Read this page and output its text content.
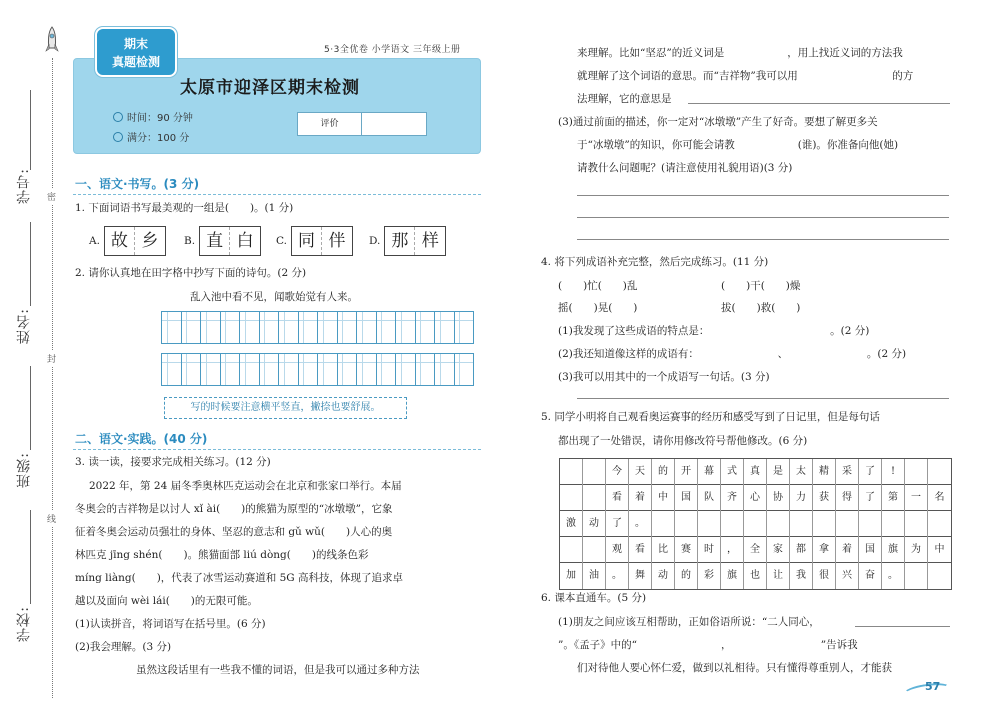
密
封
线
学号:
姓名:
班级:
学校:
期末
真题检测
5·3全优卷 小学语文 三年级上册
太原市迎泽区期末检测
时间：90 分钟
满分：100 分
评价
一、语文·书写。(3 分)
1. 下面词语书写最美观的一组是(　　)。(1 分)
A. 故 乡	B. 直 白	C. 同 伴	D. 那 样
2. 请你认真地在田字格中抄写下面的诗句。(2 分)
乱入池中看不见，闻歌始觉有人来。
写的时候要注意横平竖直，撇捺也要舒展。
二、语文·实践。(40 分)
3. 读一读，接要求完成相关练习。(12 分)
2022 年，第 24 届冬季奥林匹克运动会在北京和张家口举行。本届
冬奥会的吉祥物是以讨人 xǐ ài(　　)的熊猫为原型的“冰墩墩”，它象
征着冬奥会运动员强壮的身体、坚忍的意志和 gǔ wǔ(　　)人心的奥
林匹克 jīng shén(　　)。熊猫面部 liú dòng(　　)的线条色彩
míng liàng(　　)，代表了冰雪运动赛道和 5G 高科技，体现了追求卓
越以及面向 wèi lái(　　)的无限可能。
(1)认读拼音，将词语写在括号里。(6 分)
(2)我会理解。(3 分)
虽然这段话里有一些我不懂的词语，但是我可以通过多种方法
来理解。比如“坚忍”的近义词是　　　　　　，用上找近义词的方法我
就理解了这个词语的意思。而“吉祥物”我可以用　　　　　　　　　的方
法理解，它的意思是
(3)通过前面的描述，你一定对“冰墩墩”产生了好奇。要想了解更多关
于“冰墩墩”的知识，你可能会请教　　　　　　(谁)。你准备向他(她)
请教什么问题呢？(请注意使用礼貌用语)(3 分)
4. 将下列成语补充完整，然后完成练习。(11 分)
(　　)忙(　　)乱	(　　)干(　　)燥
摇(　　)晃(　　)	拔(　　)救(　　)
(1)我发现了这些成语的特点是：　　　　　　　　　　　　。(2 分)
(2)我还知道像这样的成语有：　　　　　　　　、　　　　　　　　。(2 分)
(3)我可以用其中的一个成语写一句话。(3 分)
5. 同学小明将自己观看奥运赛事的经历和感受写到了日记里，但是每句话
都出现了一处错误，请你用修改符号帮他修改。(6 分)
今	天	的	开	幕	式	真	是	太	精	采	了	!
看	着	中	国	队	齐	心	协	力	获	得	了	第	一	名
激	动	了	。
观	看	比	赛	时	，	全	家	都	拿	着	国	旗	为	中
加	油	。	舞	动	的	彩	旗	也	让	我	很	兴	奋	。
6. 课本直通车。(5 分)
(1)朋友之间应该互相帮助，正如俗语所说：“二人同心，
”。《孟子》中的“　　　　　　　　，　　　　　　　　　”告诉我
们对待他人要心怀仁爱，做到以礼相待。只有懂得尊重别人，才能获
57
